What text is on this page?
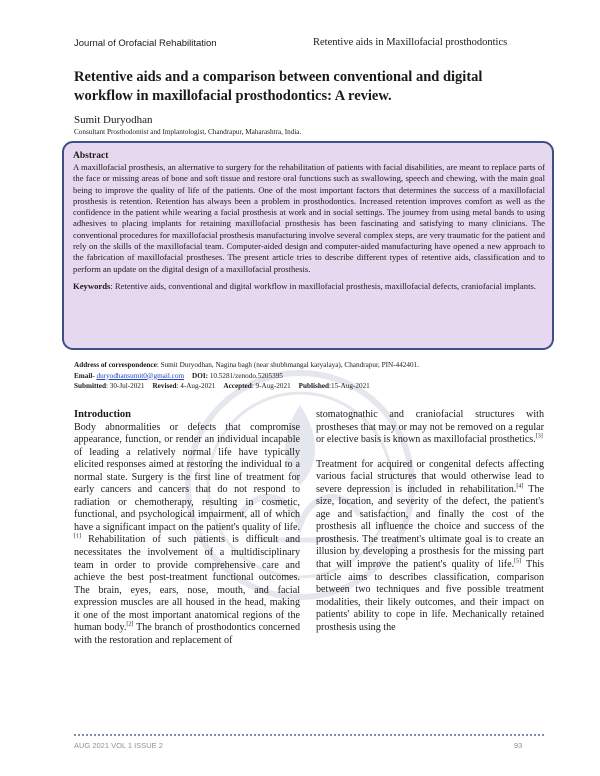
Journal of Orofacial Rehabilitation	Retentive aids in Maxillofacial prosthodontics
Retentive aids and a comparison between conventional and digital workflow in maxillofacial prosthodontics: A review.
Sumit Duryodhan
Consultant Prosthodontist and Implantologist, Chandrapur, Maharashtra, India.
Abstract
A maxillofacial prosthesis, an alternative to surgery for the rehabilitation of patients with facial disabilities, are meant to replace parts of the face or missing areas of bone and soft tissue and restore oral functions such as swallowing, speech and chewing, with the main goal being to improve the quality of life of the patients. One of the most important factors that determines the success of a maxillofacial prosthesis is retention. Retention has always been a problem in prosthodontics. Increased retention improves comfort as well as the confidence in the patient while wearing a facial prosthesis at work and in social settings. The journey from using metal bands to using adhesives to placing implants for retaining maxillofacial prosthesis has been fascinating and satisfying to many clinicians. The conventional procedures for maxillofacial prosthesis manufacturing involve several complex steps, are very traumatic for the patient and rely on the skills of the maxillofacial team. Computer-aided design and computer-aided manufacturing have opened a new approach to the fabrication of maxillofacial prostheses. The present article tries to describe different types of retentive aids, classification and to perform an update on the digital design of a maxillofacial prosthesis.
Keywords: Retentive aids, conventional and digital workflow in maxillofacial prosthesis, maxillofacial defects, craniofacial implants.
Address of correspondence: Sumit Duryodhan, Nagina bagh (near shubhmangal karyalaya), Chandrapur, PIN-442401.
Email- duryodhansumit0@gmail.com DOI: 10.5281/zenodo.5205395
Submitted: 30-Jul-2021 Revised: 4-Aug-2021 Accepted: 9-Aug-2021 Published:15-Aug-2021
Introduction

Body abnormalities or defects that compromise appearance, function, or render an individual incapable of leading a relatively normal life have typically elicited responses aimed at restoring the individual to a normal state. Surgery is the first line of treatment for early cancers and cancers that do not respond to radiation or chemotherapy, resulting in cosmetic, functional, and psychological impairment, all of which have a significant impact on the patient's quality of life.[1] Rehabilitation of such patients is difficult and necessitates the involvement of a multidisciplinary team in order to provide comprehensive care and achieve the best post-treatment functional outcomes. The brain, eyes, ears, nose, mouth, and facial expression muscles are all housed in the head, making it one of the most important anatomical regions of the human body.[2] The branch of prosthodontics concerned with the restoration and replacement of

stomatognathic and craniofacial structures with prostheses that may or may not be removed on a regular or elective basis is known as maxillofacial prosthetics.[3]

Treatment for acquired or congenital defects affecting various facial structures that would otherwise lead to severe depression is included in rehabilitation.[4] The size, location, and severity of the defect, the patient's age and satisfaction, and finally the cost of the prosthesis all influence the choice and success of the prosthesis. The treatment's ultimate goal is to create an illusion by developing a prosthesis for the missing part that will improve the patient's quality of life.[5] This article aims to describes classification, comparison between two techniques and five possible treatment modalities, their likely outcomes, and their impact on patients' ability to cope in life. Mechanically retained prosthesis using the

AUG 2021 VOL 1 ISSUE 2	93
